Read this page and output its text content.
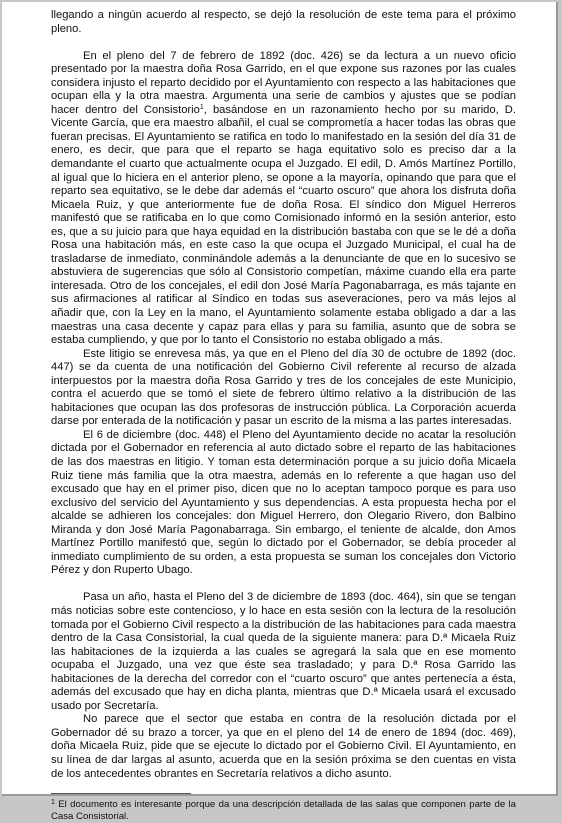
llegando a ningún acuerdo al respecto, se dejó la resolución de este tema para el próximo pleno.

En el pleno del 7 de febrero de 1892 (doc. 426) se da lectura a un nuevo oficio presentado por la maestra doña Rosa Garrido, en el que expone sus razones por las cuales considera injusto el reparto decidido por el Ayuntamiento con respecto a las habitaciones que ocupan ella y la otra maestra. Argumenta una serie de cambios y ajustes que se podían hacer dentro del Consistorio$^1$, basándose en un razonamiento hecho por su marido, D. Vicente García, que era maestro albañil, el cual se comprometía a hacer todas las obras que fueran precisas. El Ayuntamiento se ratifica en todo lo manifestado en la sesión del día 31 de enero, es decir, que para que el reparto se haga equitativo solo es preciso dar a la demandante el cuarto que actualmente ocupa el Juzgado. El edil, D. Amós Martínez Portillo, al igual que lo hiciera en el anterior pleno, se opone a la mayoría, opinando que para que el reparto sea equitativo, se le debe dar además el “cuarto oscuro” que ahora los disfruta doña Micaela Ruiz, y que anteriormente fue de doña Rosa. El síndico don Miguel Herreros manifestó que se ratificaba en lo que como Comisionado informó en la sesión anterior, esto es, que a su juicio para que haya equidad en la distribución bastaba con que se le dé a doña Rosa una habitación más, en este caso la que ocupa el Juzgado Municipal, el cual ha de trasladarse de inmediato, conminándole además a la denunciante de que en lo sucesivo se abstuviera de sugerencias que sólo al Consistorio competían, máxime cuando ella era parte interesada. Otro de los concejales, el edil don José María Pagonabarraga, es más tajante en sus afirmaciones al ratificar al Síndico en todas sus aseveraciones, pero va más lejos al añadir que, con la Ley en la mano, el Ayuntamiento solamente estaba obligado a dar a las maestras una casa decente y capaz para ellas y para su familia, asunto que de sobra se estaba cumpliendo, y que por lo tanto el Consistorio no estaba obligado a más.

Este litigio se enrevesa más, ya que en el Pleno del día 30 de octubre de 1892 (doc. 447) se da cuenta de una notificación del Gobierno Civil referente al recurso de alzada interpuestos por la maestra doña Rosa Garrido y tres de los concejales de este Municipio, contra el acuerdo que se tomó el siete de febrero último relativo a la distribución de las habitaciones que ocupan las dos profesoras de instrucción pública. La Corporación acuerda darse por enterada de la notificación y pasar un escrito de la misma a las partes interesadas.

El 6 de diciembre (doc. 448) el Pleno del Ayuntamiento decide no acatar la resolución dictada por el Gobernador en referencia al auto dictado sobre el reparto de las habitaciones de las dos maestras en litigio. Y toman esta determinación porque a su juicio doña Micaela Ruiz tiene más familia que la otra maestra, además en lo referente a que hagan uso del excusado que hay en el primer piso, dicen que no lo aceptan tampoco porque es para uso exclusivo del servicio del Ayuntamiento y sus dependencias. A esta propuesta hecha por el alcalde se adhieren los concejales: don Miguel Herrero, don Olegario Rivero, don Balbino Miranda y don José María Pagonabarraga. Sin embargo, el teniente de alcalde, don Amos Martínez Portillo manifestó que, según lo dictado por el Gobernador, se debía proceder al inmediato cumplimiento de su orden, a esta propuesta se suman los concejales don Victorio Pérez y don Ruperto Ubago.

Pasa un año, hasta el Pleno del 3 de diciembre de 1893 (doc. 464), sin que se tengan más noticias sobre este contencioso, y lo hace en esta sesión con la lectura de la resolución tomada por el Gobierno Civil respecto a la distribución de las habitaciones para cada maestra dentro de la Casa Consistorial, la cual queda de la siguiente manera: para D.ª Micaela Ruiz las habitaciones de la izquierda a las cuales se agregará la sala que en ese momento ocupaba el Juzgado, una vez que éste sea trasladado; y para D.ª Rosa Garrido las habitaciones de la derecha del corredor con el “cuarto oscuro” que antes pertenecía a ésta, además del excusado que hay en dicha planta, mientras que D.ª Micaela usará el excusado usado por Secretaría.

No parece que el sector que estaba en contra de la resolución dictada por el Gobernador dé su brazo a torcer, ya que en el pleno del 14 de enero de 1894 (doc. 469), doña Micaela Ruiz, pide que se ejecute lo dictado por el Gobierno Civil. El Ayuntamiento, en su línea de dar largas al asunto, acuerda que en la sesión próxima se den cuentas en vista de los antecedentes obrantes en Secretaría relativos a dicho asunto.

$^1$ El documento es interesante porque da una descripción detallada de las salas que componen parte de la Casa Consistorial.
